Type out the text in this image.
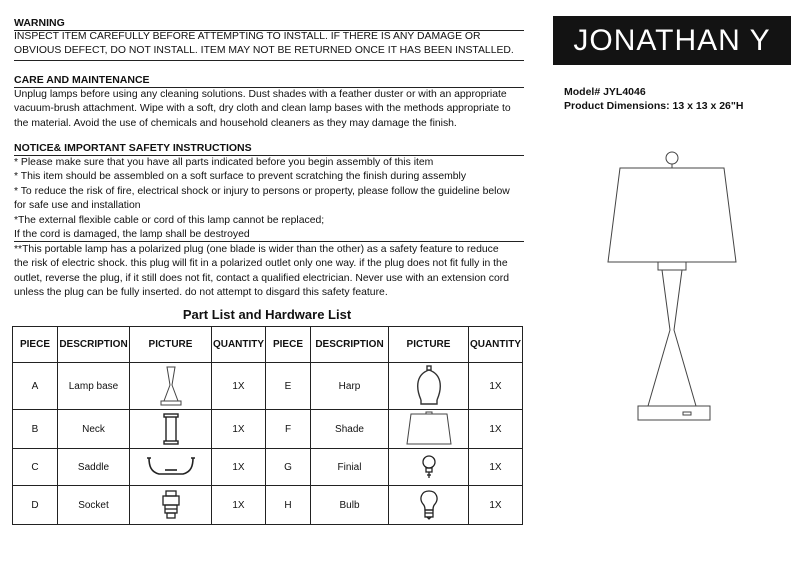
WARNING
INSPECT ITEM CAREFULLY BEFORE ATTEMPTING TO INSTALL. IF THERE IS ANY DAMAGE OR
OBVIOUS DEFECT, DO NOT INSTALL. ITEM MAY NOT BE RETURNED ONCE IT HAS BEEN INSTALLED.
CARE AND MAINTENANCE
Unplug lamps before using any cleaning solutions. Dust shades with a feather duster or with an appropriate
vacuum-brush attachment. Wipe with a soft, dry cloth and clean lamp bases with the methods appropriate to
the material. Avoid the use of chemicals and household cleaners as they may damage the finish.
NOTICE& IMPORTANT SAFETY INSTRUCTIONS
* Please make sure that you have all parts indicated before you begin assembly of this item
* This item should be assembled on a soft surface to prevent scratching the finish during assembly
* To reduce the risk of fire, electrical shock or injury to persons or property, please follow the guideline below
for safe use and installation
*The external flexible cable or cord of this lamp cannot be replaced;
If the cord is damaged, the lamp shall be destroyed
**This portable lamp has a polarized plug (one blade is wider than the other) as a safety feature to reduce
the risk of electric shock. this plug will fit in a polarized outlet only one way. if the plug does not fit fully in the
outlet, reverse the plug, if it still does not fit, contact a qualified electrician. Never use with an extension cord
unless the plug can be fully inserted. do not attempt to disgard this safety feature.
JONATHAN Y
Model# JYL4046
Product Dimensions: 13 x 13 x 26"H
Part List and Hardware List
PIECE	DESCRIPTION	PICTURE	QUANTITY	PIECE	DESCRIPTION	PICTURE	QUANTITY
A	Lamp base		1X	E	Harp		1X
B	Neck		1X	F	Shade		1X
C	Saddle		1X	G	Finial		1X
D	Socket		1X	H	Bulb		1X
